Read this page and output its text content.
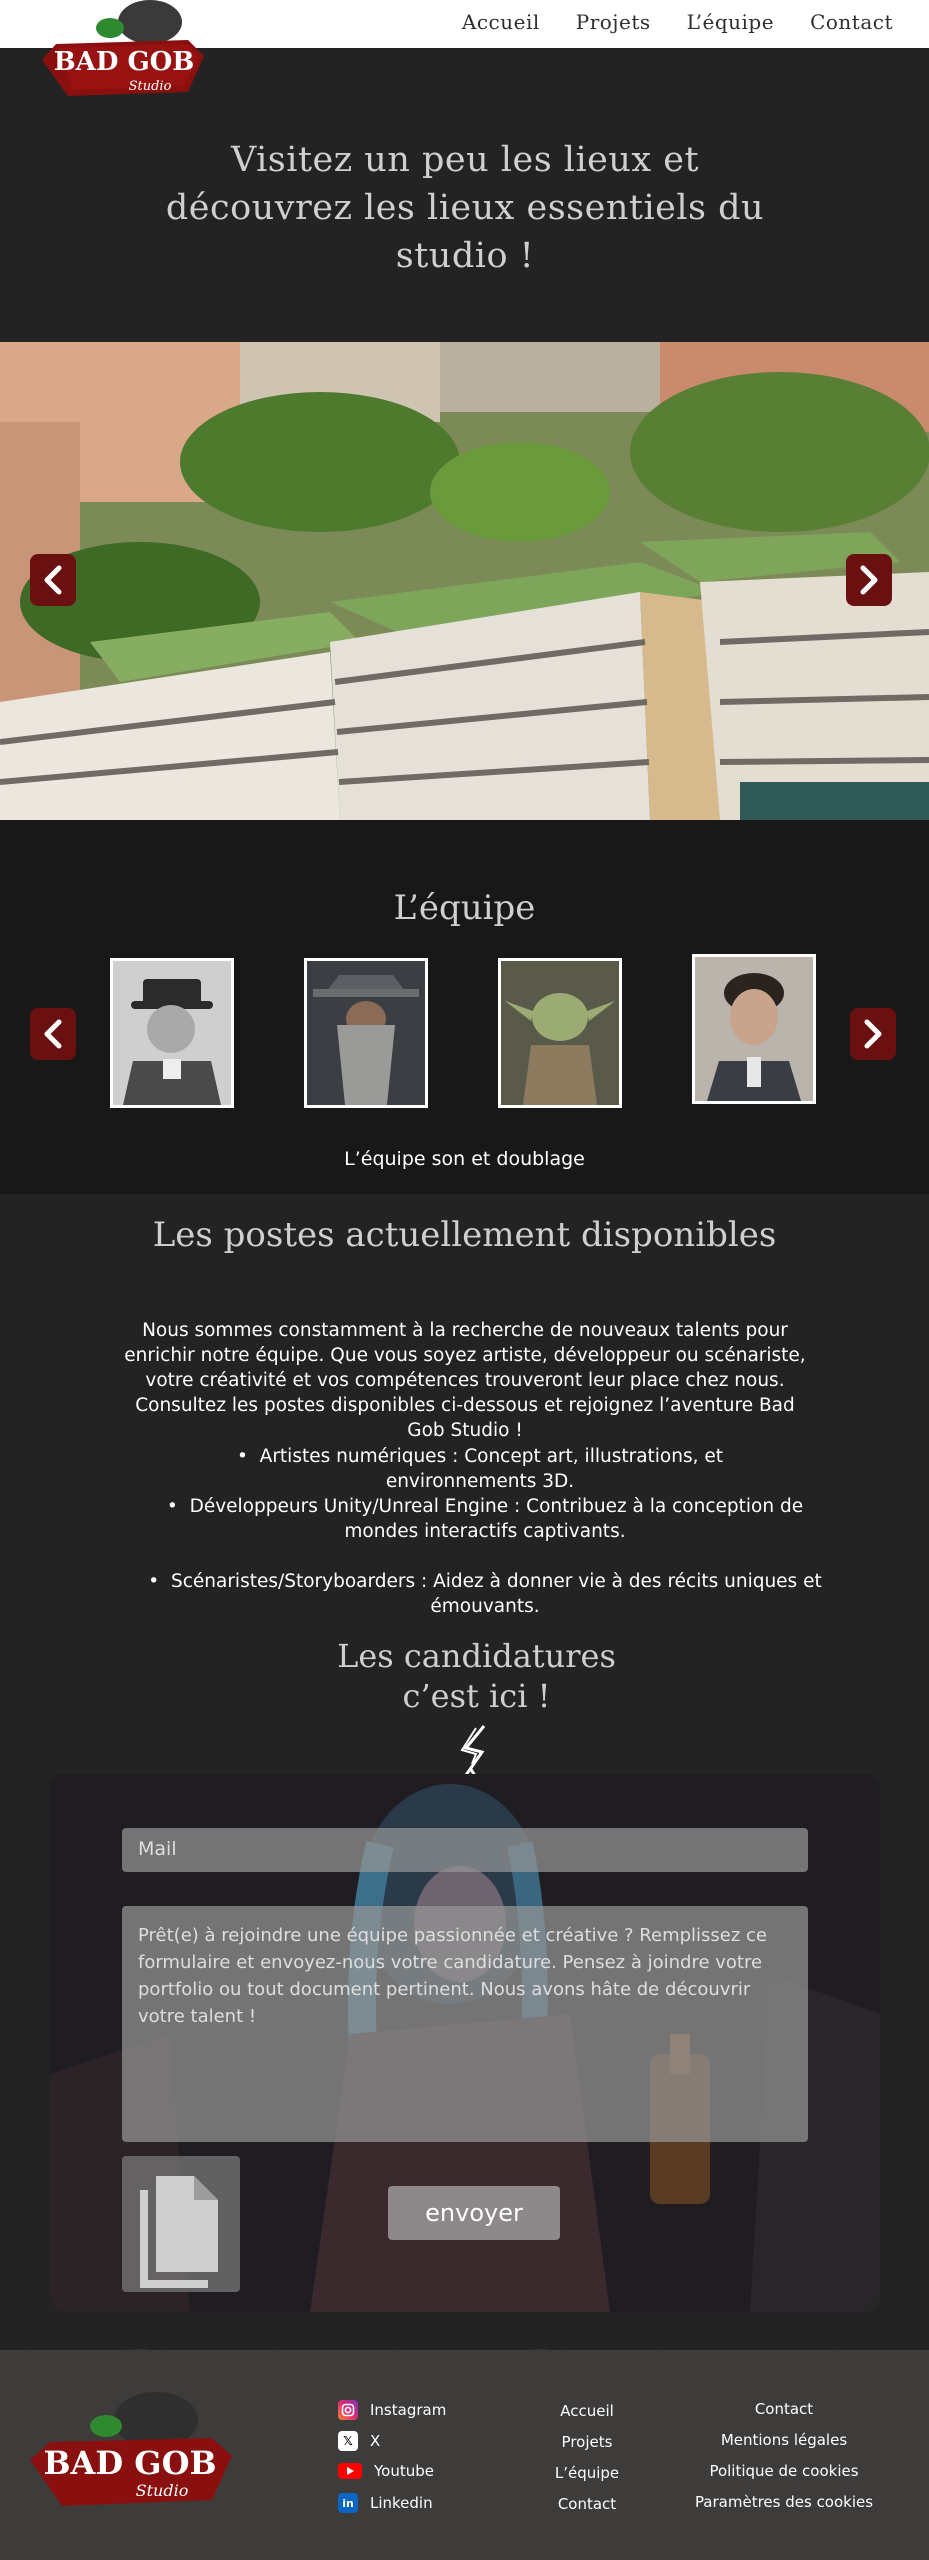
Accueil Projets L’équipe Contact
BAD GOB
Studio
Visitez un peu les lieux et
découvrez les lieux essentiels du
studio !
L’équipe
L’équipe son et doublage
Les postes actuellement disponibles
Nous sommes constamment à la recherche de nouveaux talents pour enrichir notre équipe. Que vous soyez artiste, développeur ou scénariste, votre créativité et vos compétences trouveront leur place chez nous. Consultez les postes disponibles ci-dessous et rejoignez l’aventure Bad Gob Studio !
•  Artistes numériques : Concept art, illustrations, et environnements 3D.
•  Développeurs Unity/Unreal Engine : Contribuez à la conception de mondes interactifs captivants.
•  Scénaristes/Storyboarders : Aidez à donner vie à des récits uniques et émouvants.
Les candidatures
c’est ici !
Mail
Prêt(e) à rejoindre une équipe passionnée et créative ? Remplissez ce formulaire et envoyez-nous votre candidature. Pensez à joindre votre portfolio ou tout document pertinent. Nous avons hâte de découvrir votre talent !
envoyer
BAD GOB
Studio
Instagram
𝕏	X
Youtube
in Linkedin
Accueil
Projets
L’équipe
Contact
Contact
Mentions légales
Politique de cookies
Paramètres des cookies
